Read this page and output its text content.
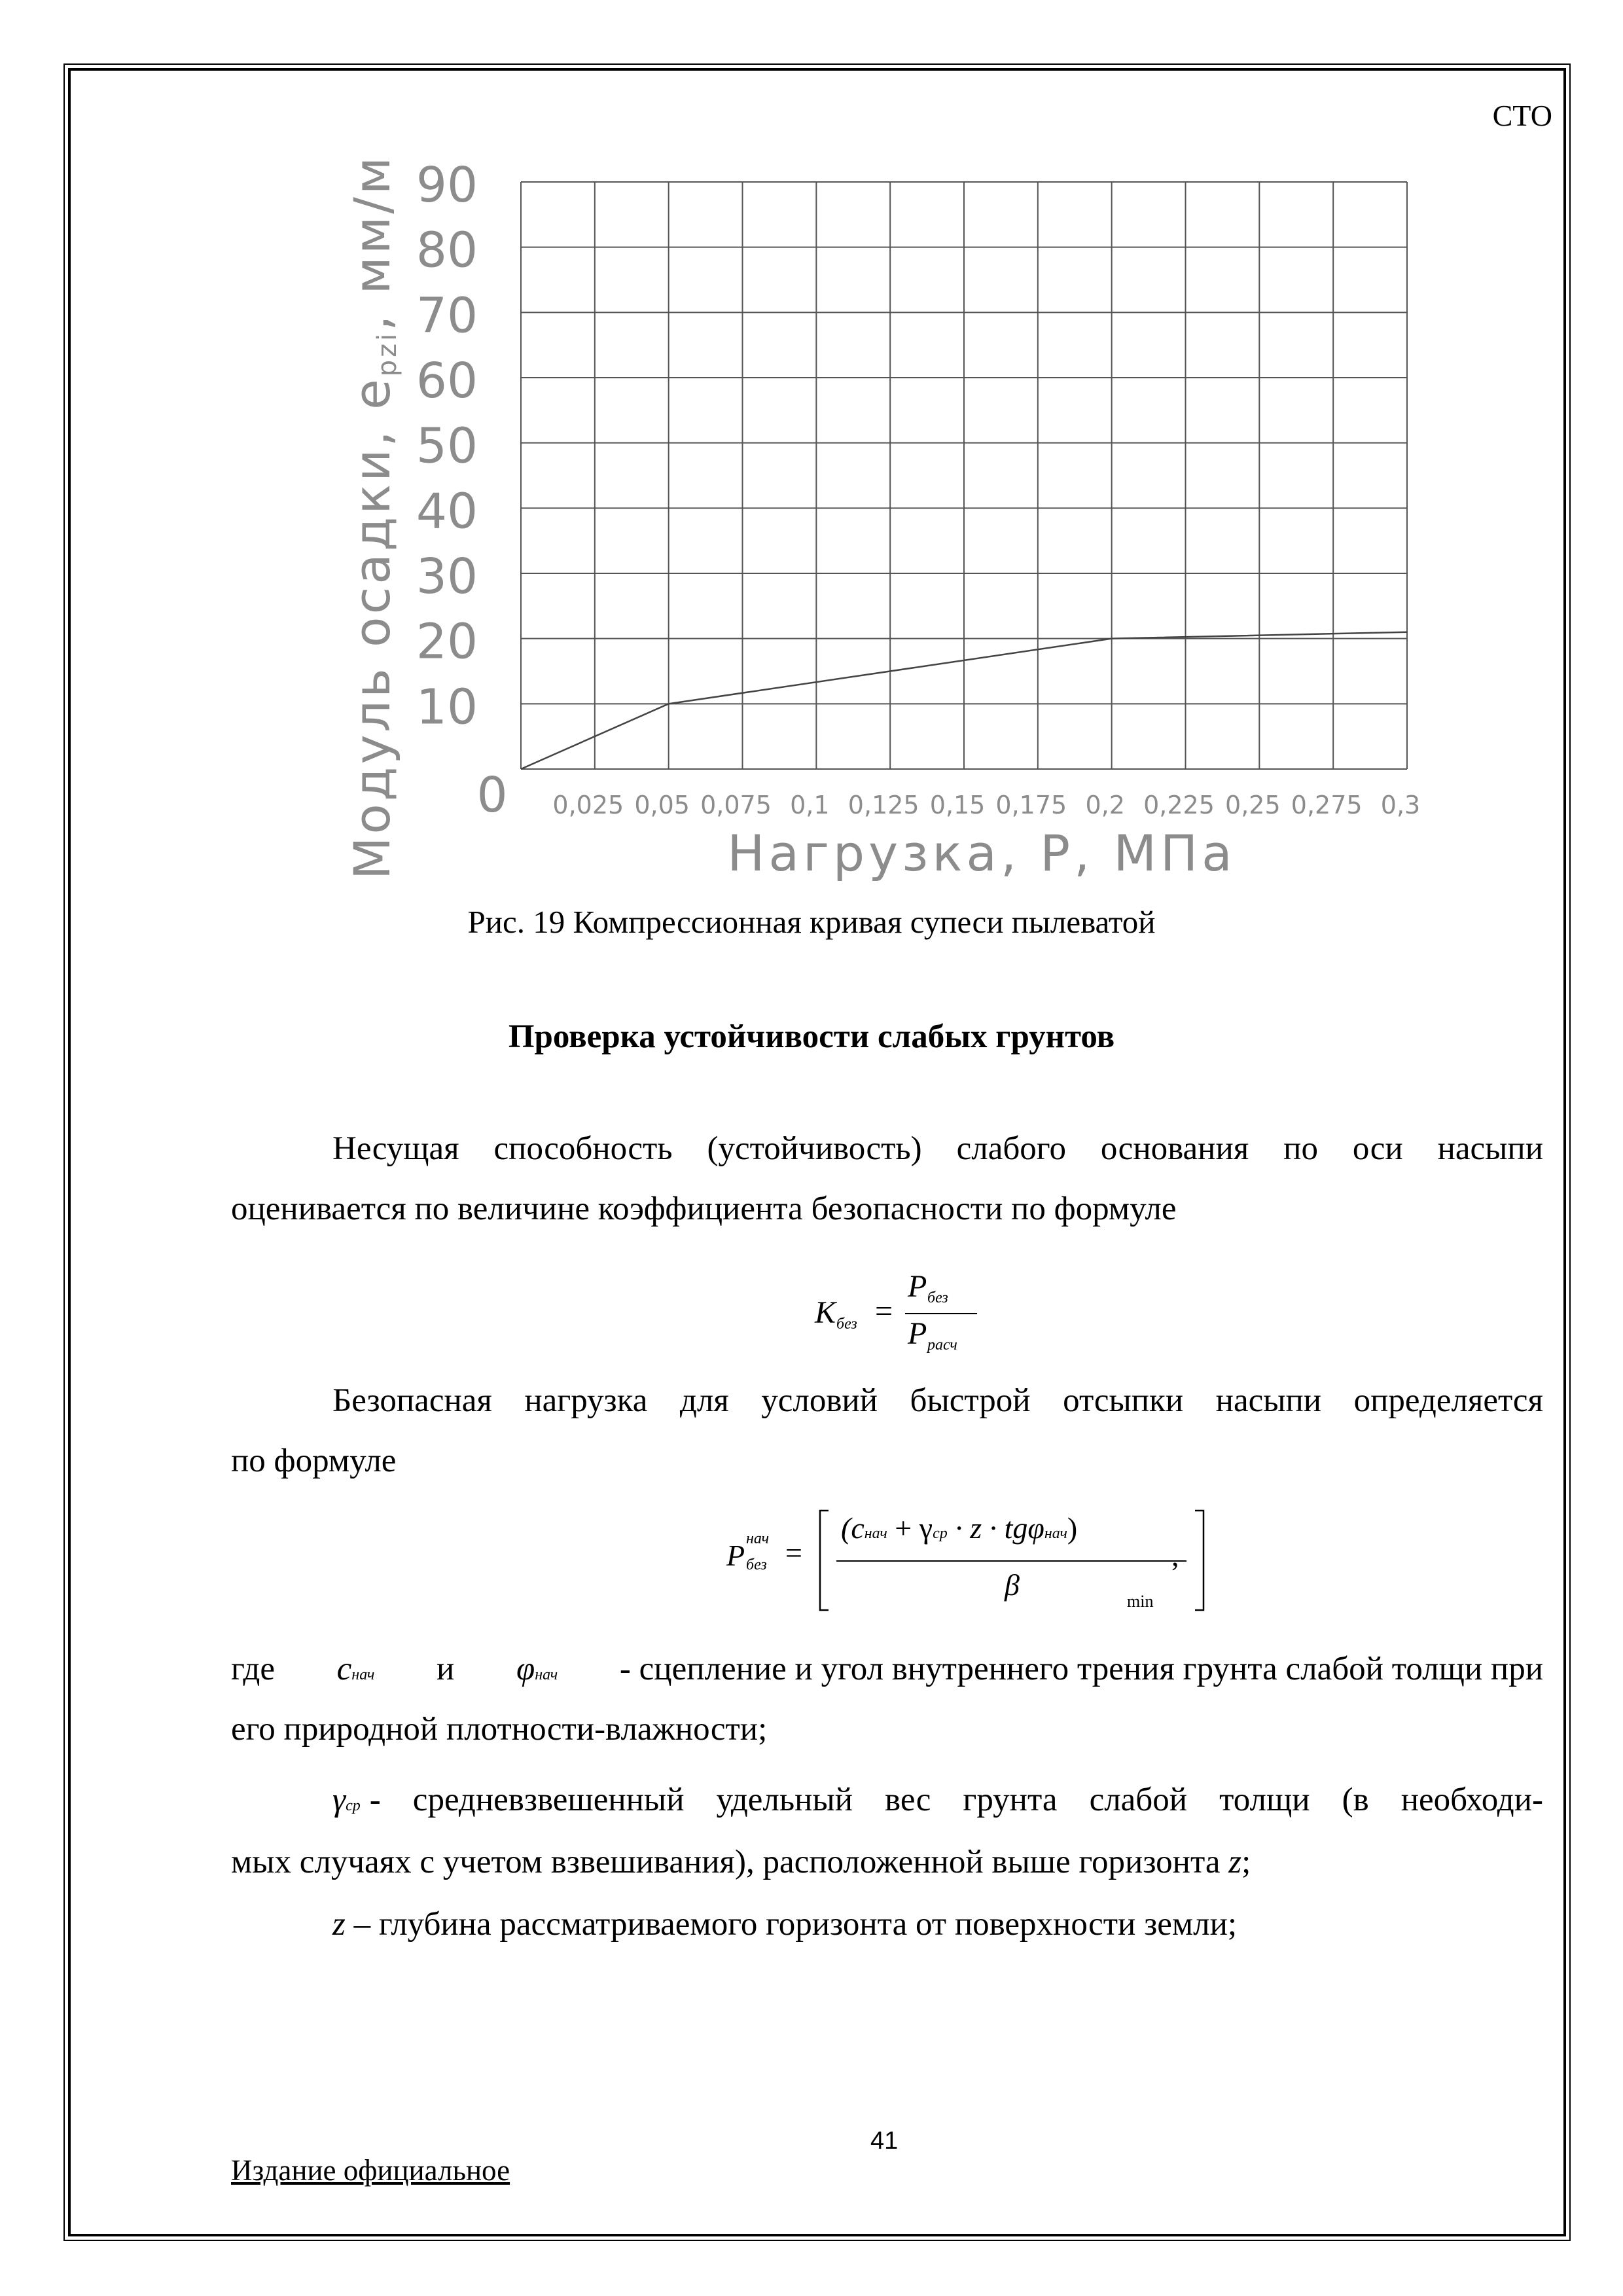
СТО
0,025 0,05 0,075 0,1 0,125 0,15 0,175 0,2 0,225 0,25 0,275 0,3
0
10
20
30
40
50
60
70
80
90
Нагрузка, P, МПа
Модуль осадки, epzi, мм/м
Рис. 19 Компрессионная кривая супеси пылеватой
Проверка устойчивости слабых грунтов
Несущая способность (устойчивость) слабого основания по оси насыпи
оценивается по величине коэффициента безопасности по формуле
K без =
P без
P расч
Безопасная нагрузка для условий быстрой отсыпки насыпи определяется
по формуле
P нач
без =
(cнач + γср · z · tgφнач)
β	min
,
где cнач и φнач - сцепление и угол внутреннего трения грунта слабой толщи при
его природной плотности-влажности;
γср - средневзвешенный удельный вес грунта слабой толщи (в необходи-
мых случаях с учетом взвешивания), расположенной выше горизонта z;
z – глубина рассматриваемого горизонта от поверхности земли;
Издание официальное
41
